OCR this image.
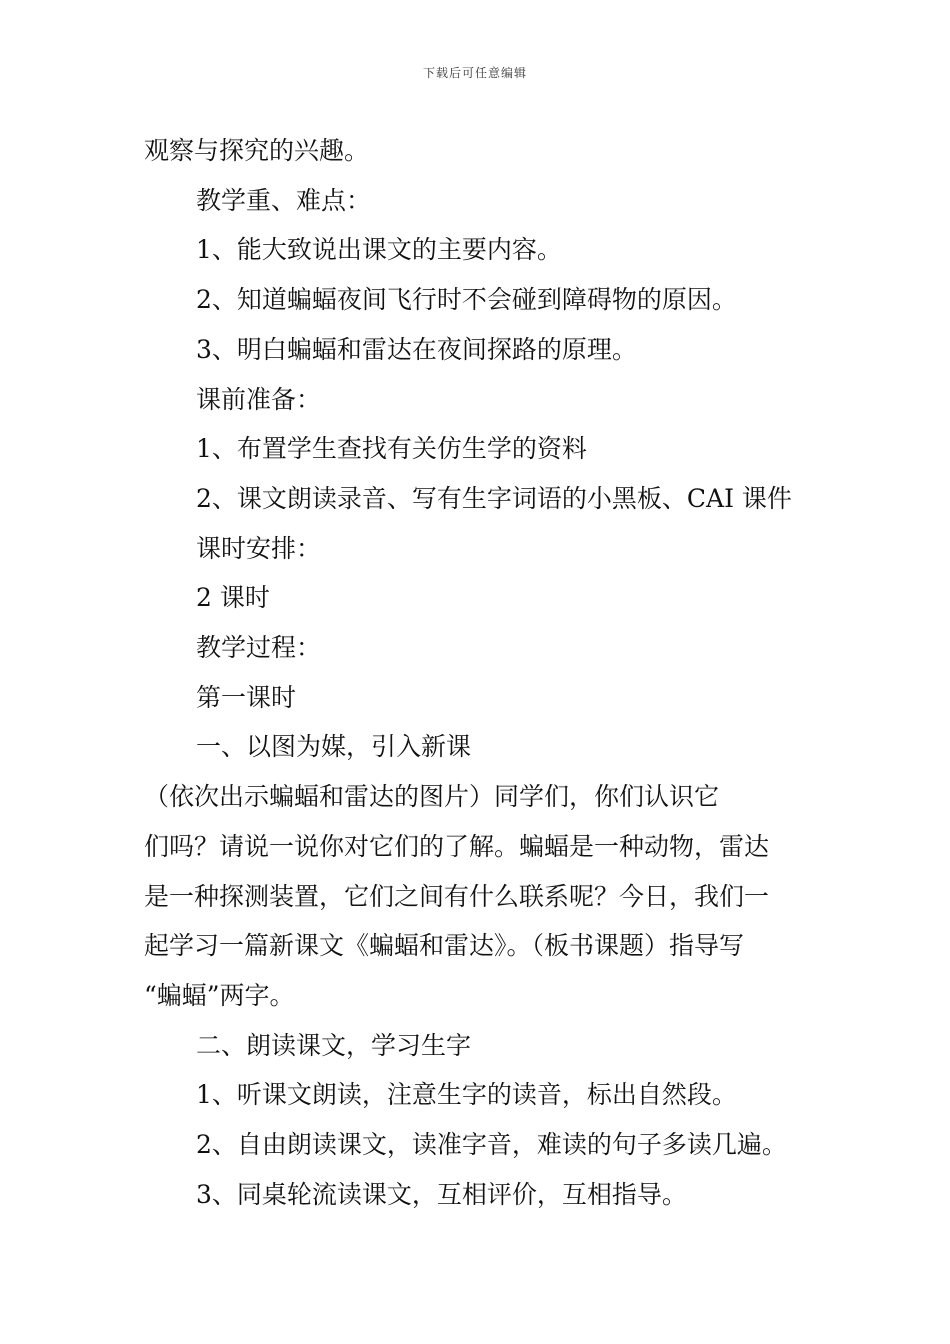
下载后可任意编辑

观察与探究的兴趣。

教学重、难点：

1、能大致说出课文的主要内容。

2、知道蝙蝠夜间飞行时不会碰到障碍物的原因。

3、明白蝙蝠和雷达在夜间探路的原理。

课前准备：

1、布置学生查找有关仿生学的资料

2、课文朗读录音、写有生字词语的小黑板、CAI 课件

课时安排：

2 课时

教学过程：

第一课时

一、以图为媒，引入新课

（依次出示蝙蝠和雷达的图片）同学们，你们认识它

们吗？请说一说你对它们的了解。蝙蝠是一种动物，雷达

是一种探测装置，它们之间有什么联系呢？今日，我们一

起学习一篇新课文《蝙蝠和雷达》。（板书课题）指导写

“蝙蝠”两字。

二、朗读课文，学习生字

1、听课文朗读，注意生字的读音，标出自然段。

2、自由朗读课文，读准字音，难读的句子多读几遍。

3、同桌轮流读课文，互相评价，互相指导。
